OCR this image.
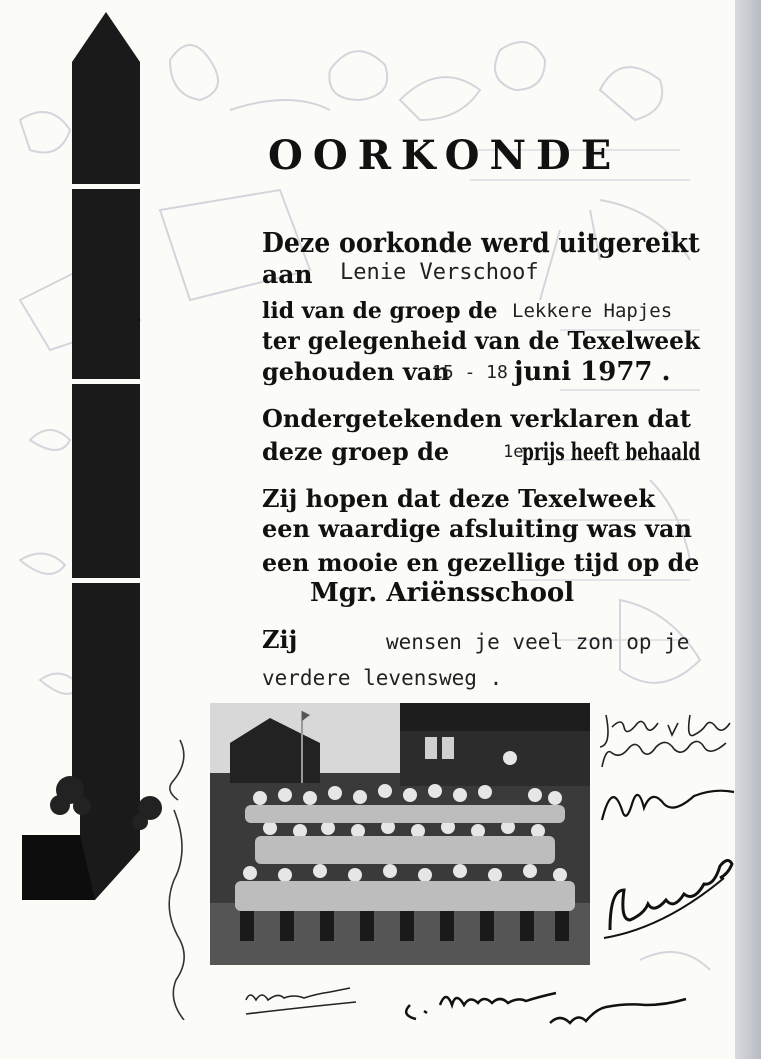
OORKONDE
Deze oorkonde werd uitgereikt
aan Lenie Verschoof
lid van de groep de Lekkere Hapjes
ter gelegenheid van de Texelweek
gehouden van
15 - 18 juni 1977 .
Ondergetekenden verklaren dat
deze groep de	1e
prijs heeft behaald
Zij hopen dat deze Texelweek
een waardige afsluiting was van
een mooie en gezellige tijd op de
Mgr. Ariënsschool
Zij	wensen je veel zon op je
verdere levensweg .
